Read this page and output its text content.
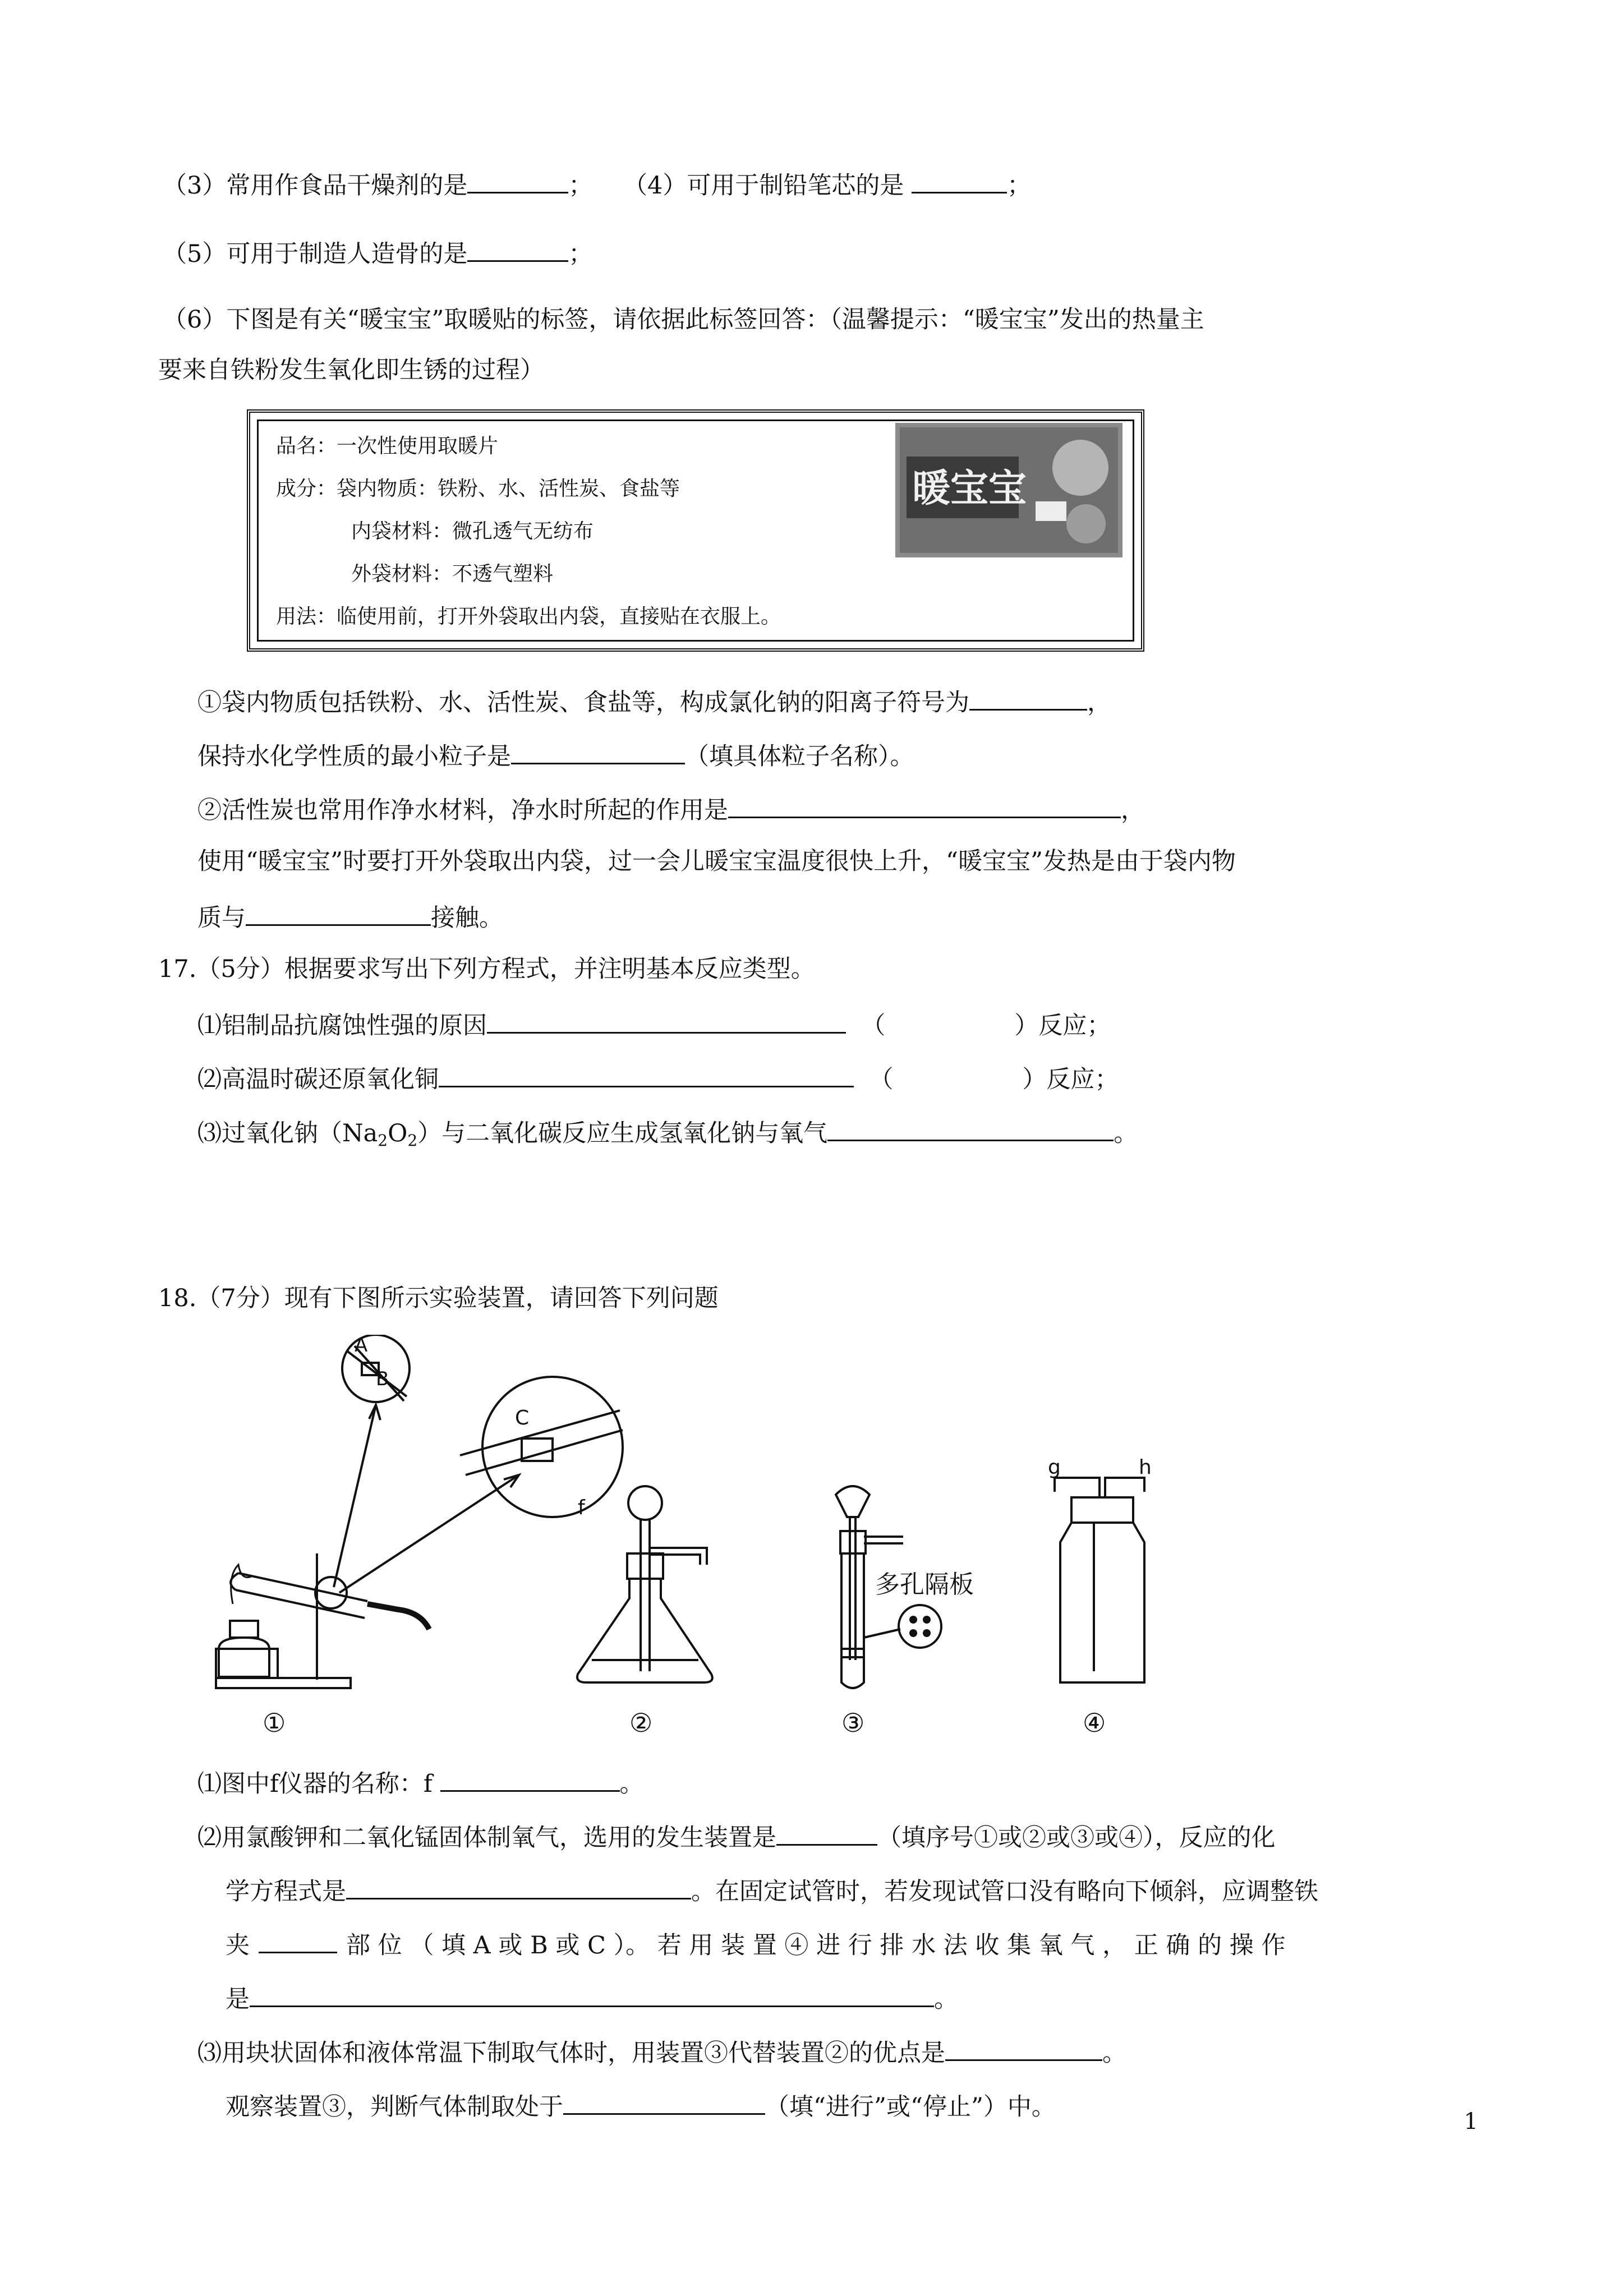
（3）常用作食品干燥剂的是	； （4）可用于制铅笔芯的是	；
（5）可用于制造人造骨的是	；
（6）下图是有关“暖宝宝”取暖贴的标签，请依据此标签回答：（温馨提示：“暖宝宝”发出的热量主
要来自铁粉发生氧化即生锈的过程）
品名：一次性使用取暖片
成分：袋内物质：铁粉、水、活性炭、食盐等
内袋材料：微孔透气无纺布
外袋材料：不透气塑料
用法：临使用前，打开外袋取出内袋，直接贴在衣服上。
暖宝宝
①袋内物质包括铁粉、水、活性炭、食盐等，构成氯化钠的阳离子符号为	，
保持水化学性质的最小粒子是	（填具体粒子名称）。
②活性炭也常用作净水材料，净水时所起的作用是	，
使用“暖宝宝”时要打开外袋取出内袋，过一会儿暖宝宝温度很快上升，“暖宝宝”发热是由于袋内物
质与	接触。
17.（5分）根据要求写出下列方程式，并注明基本反应类型。
⑴铝制品抗腐蚀性强的原因	（	）反应；
⑵高温时碳还原氧化铜	（	）反应；
⑶过氧化钠$(Na_2O_2)$与二氧化碳反应生成氢氧化钠与氧气	。
18.（7分）现有下图所示实验装置，请回答下列问题
A
B
C
①
f
②
多孔隔板
③
g	h
④
⑴图中f仪器的名称：f	。
⑵用氯酸钾和二氧化锰固体制氧气，选用的发生装置是	（填序号①或②或③或④），反应的化
学方程式是	。在固定试管时，若发现试管口没有略向下倾斜，应调整铁
夹	部 位 （ 填 A 或 B 或 C ）。 若 用 装 置 ④ 进 行 排 水 法 收 集 氧 气 ， 正 确 的 操 作
是	。
⑶用块状固体和液体常温下制取气体时，用装置③代替装置②的优点是	。
观察装置③，判断气体制取处于	（填“进行”或“停止”）中。
1
